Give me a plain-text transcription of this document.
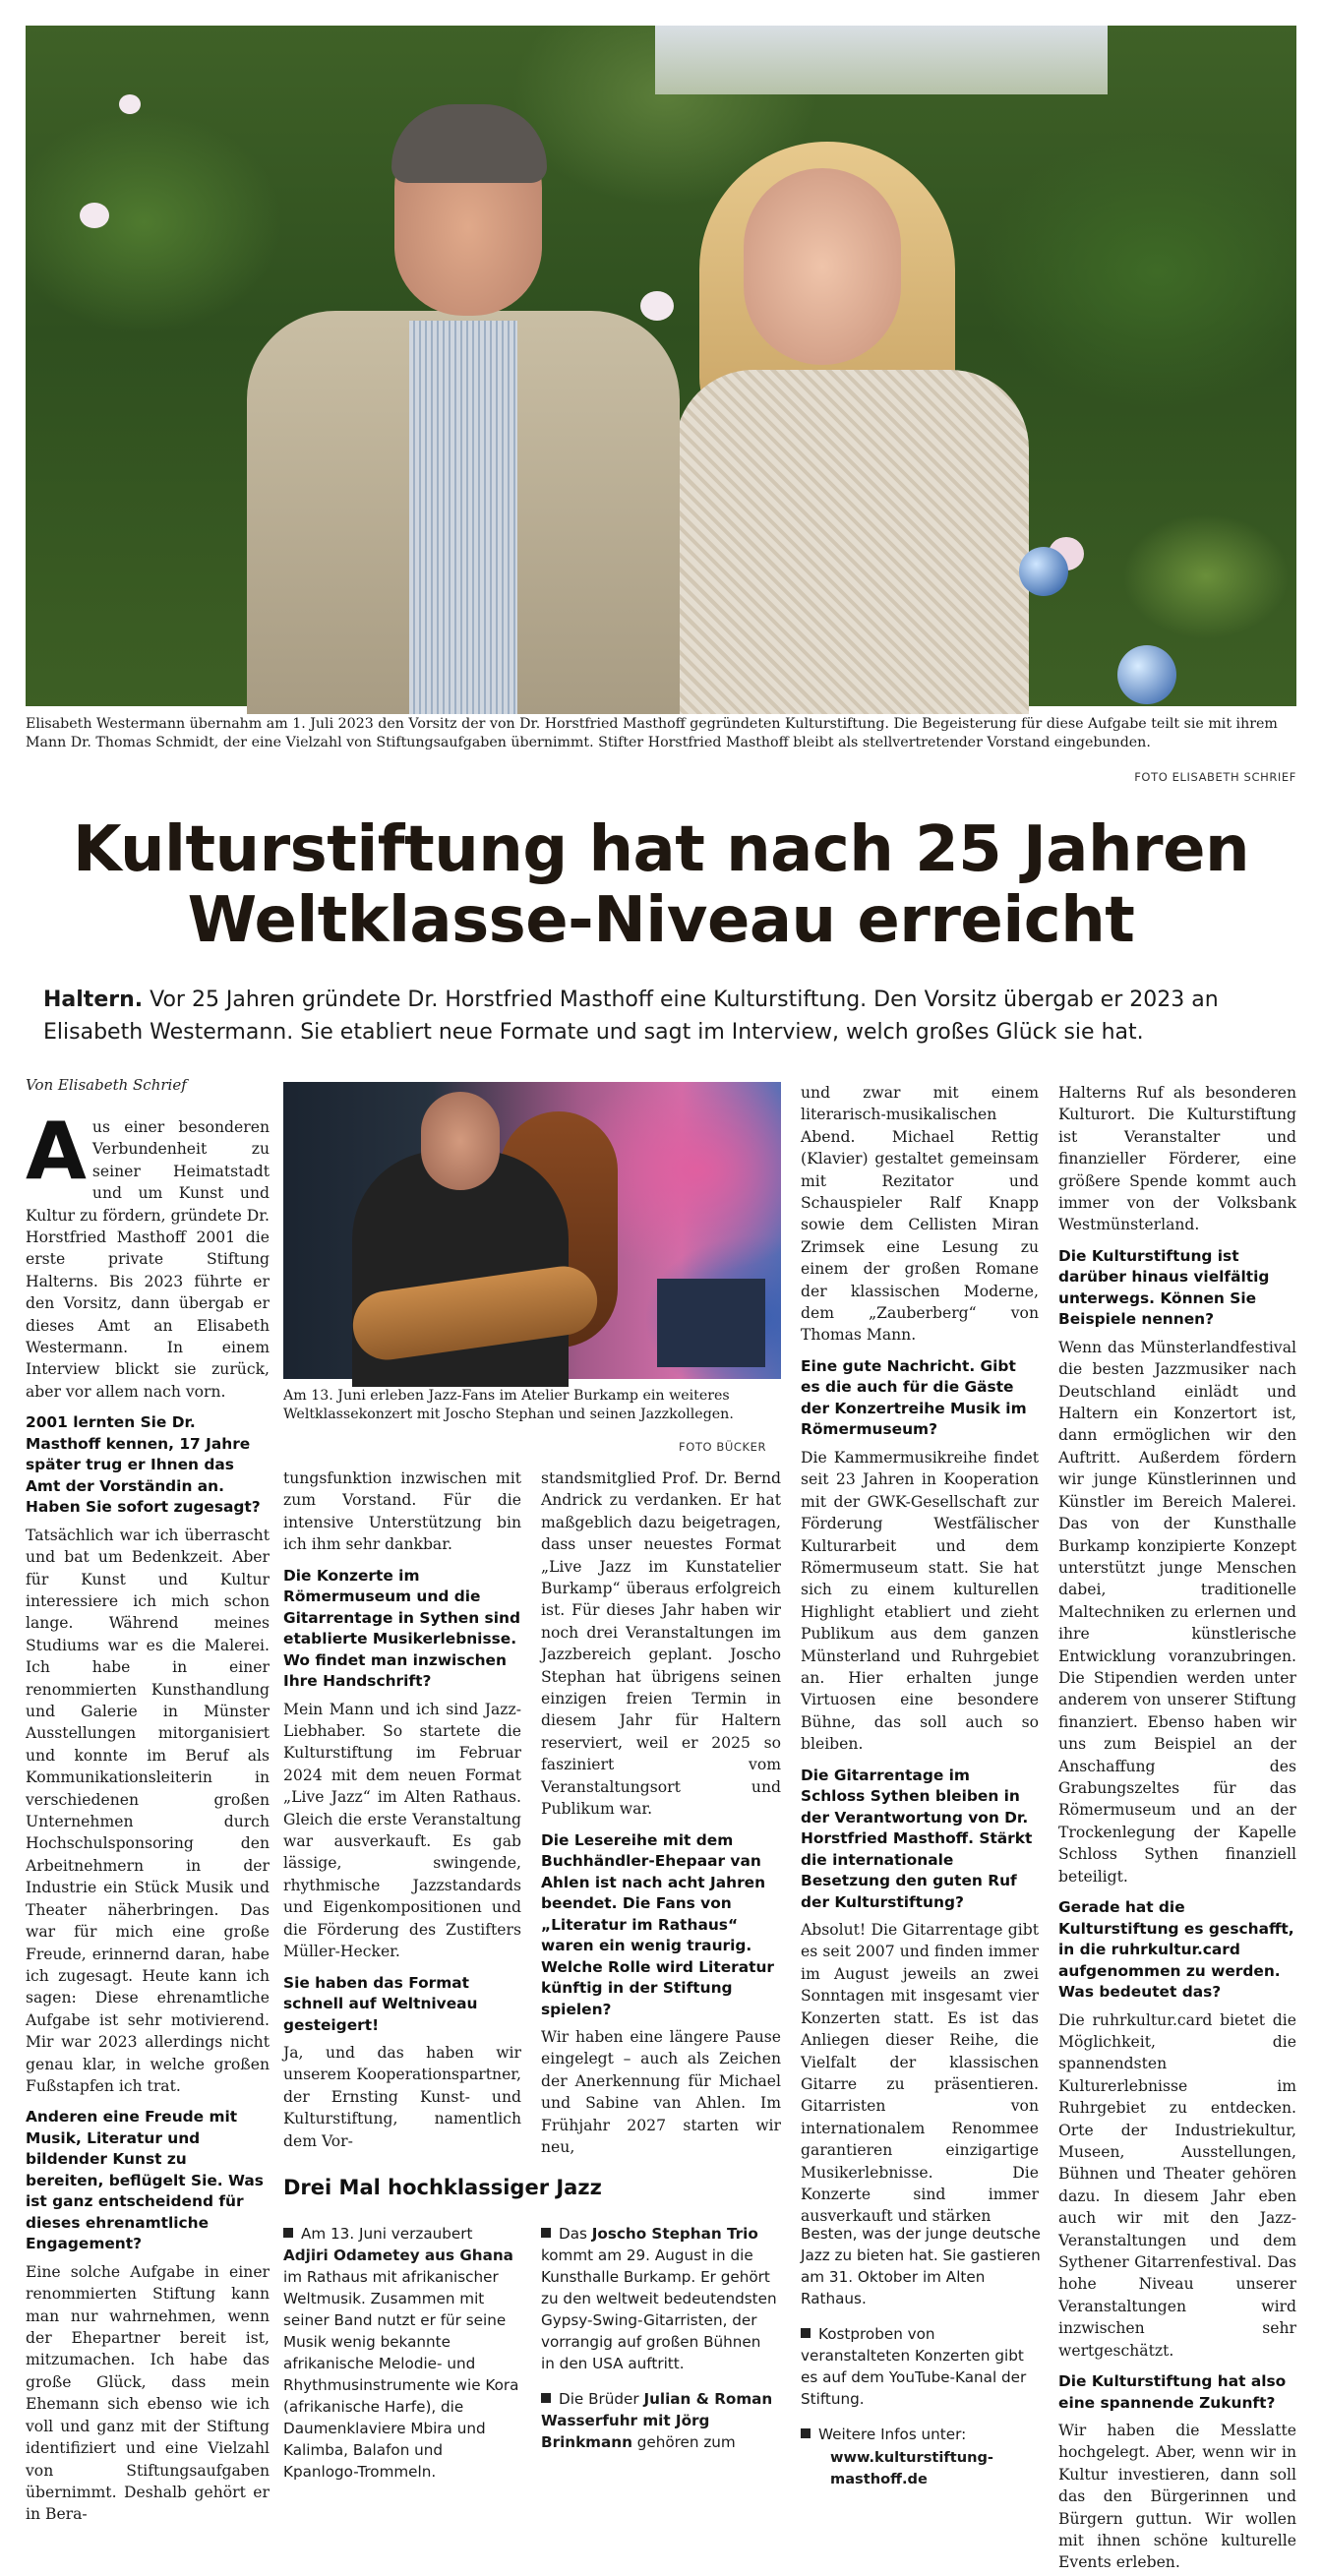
Elisabeth Westermann übernahm am 1. Juli 2023 den Vorsitz der von Dr. Horstfried Masthoff gegründeten Kulturstiftung. Die Begeisterung für diese Aufgabe teilt sie mit ihrem Mann Dr. Thomas Schmidt, der eine Vielzahl von Stiftungsaufgaben übernimmt. Stifter Horstfried Masthoff bleibt als stellvertretender Vorstand eingebunden.
FOTO ELISABETH SCHRIEF
Kulturstiftung hat nach 25 Jahren Weltklasse-Niveau erreicht
Haltern. Vor 25 Jahren gründete Dr. Horstfried Masthoff eine Kulturstiftung. Den Vorsitz übergab er 2023 an Elisabeth Westermann. Sie etabliert neue Formate und sagt im Interview, welch großes Glück sie hat.
Von Elisabeth Schrief

Aus einer besonderen Verbundenheit zu seiner Heimatstadt und um Kunst und Kultur zu fördern, gründete Dr. Horstfried Masthoff 2001 die erste private Stiftung Halterns. Bis 2023 führte er den Vorsitz, dann übergab er dieses Amt an Elisabeth Westermann. In einem Interview blickt sie zurück, aber vor allem nach vorn.

2001 lernten Sie Dr. Masthoff kennen, 17 Jahre später trug er Ihnen das Amt der Vorständin an. Haben Sie sofort zugesagt?

Tatsächlich war ich überrascht und bat um Bedenkzeit. Aber für Kunst und Kultur interessiere ich mich schon lange. Während meines Studiums war es die Malerei. Ich habe in einer renommierten Kunsthandlung und Galerie in Münster Ausstellungen mitorganisiert und konnte im Beruf als Kommunikationsleiterin in verschiedenen großen Unternehmen durch Hochschulsponsoring den Arbeitnehmern in der Industrie ein Stück Musik und Theater näherbringen. Das war für mich eine große Freude, erinnernd daran, habe ich zugesagt. Heute kann ich sagen: Diese ehrenamtliche Aufgabe ist sehr motivierend. Mir war 2023 allerdings nicht genau klar, in welche großen Fußstapfen ich trat.

Anderen eine Freude mit Musik, Literatur und bildender Kunst zu bereiten, beflügelt Sie. Was ist ganz entscheidend für dieses ehrenamtliche Engagement?

Eine solche Aufgabe in einer renommierten Stiftung kann man nur wahrnehmen, wenn der Ehepartner bereit ist, mitzumachen. Ich habe das große Glück, dass mein Ehemann sich ebenso wie ich voll und ganz mit der Stiftung identifiziert und eine Vielzahl von Stiftungsaufgaben übernimmt. Deshalb gehört er in Bera-

Am 13. Juni erleben Jazz-Fans im Atelier Burkamp ein weiteres Weltklassekonzert mit Joscho Stephan und seinen Jazzkollegen.
FOTO BÜCKER

tungsfunktion inzwischen mit zum Vorstand. Für die intensive Unterstützung bin ich ihm sehr dankbar.

Die Konzerte im Römermuseum und die Gitarrentage in Sythen sind etablierte Musikerlebnisse. Wo findet man inzwischen Ihre Handschrift?

Mein Mann und ich sind Jazz-Liebhaber. So startete die Kulturstiftung im Februar 2024 mit dem neuen Format „Live Jazz“ im Alten Rathaus. Gleich die erste Veranstaltung war ausverkauft. Es gab lässige, swingende, rhythmische Jazzstandards und Eigenkompositionen und die Förderung des Zustifters Müller-Hecker.

Sie haben das Format schnell auf Weltniveau gesteigert!

Ja, und das haben wir unserem Kooperationspartner, der Ernsting Kunst- und Kulturstiftung, namentlich dem Vor-

standsmitglied Prof. Dr. Bernd Andrick zu verdanken. Er hat maßgeblich dazu beigetragen, dass unser neuestes Format „Live Jazz im Kunstatelier Burkamp“ überaus erfolgreich ist. Für dieses Jahr haben wir noch drei Veranstaltungen im Jazzbereich geplant. Joscho Stephan hat übrigens seinen einzigen freien Termin in diesem Jahr für Haltern reserviert, weil er 2025 so fasziniert vom Veranstaltungsort und Publikum war.

Die Lesereihe mit dem Buchhändler-Ehepaar van Ahlen ist nach acht Jahren beendet. Die Fans von „Literatur im Rathaus“ waren ein wenig traurig. Welche Rolle wird Literatur künftig in der Stiftung spielen?

Wir haben eine längere Pause eingelegt – auch als Zeichen der Anerkennung für Michael und Sabine van Ahlen. Im Frühjahr 2027 starten wir neu,

und zwar mit einem literarisch-musikalischen Abend. Michael Rettig (Klavier) gestaltet gemeinsam mit Rezitator und Schauspieler Ralf Knapp sowie dem Cellisten Miran Zrimsek eine Lesung zu einem der großen Romane der klassischen Moderne, dem „Zauberberg“ von Thomas Mann.

Eine gute Nachricht. Gibt es die auch für die Gäste der Konzertreihe Musik im Römermuseum?

Die Kammermusikreihe findet seit 23 Jahren in Kooperation mit der GWK-Gesellschaft zur Förderung Westfälischer Kulturarbeit und dem Römermuseum statt. Sie hat sich zu einem kulturellen Highlight etabliert und zieht Publikum aus dem ganzen Münsterland und Ruhrgebiet an. Hier erhalten junge Virtuosen eine besondere Bühne, das soll auch so bleiben.

Die Gitarrentage im Schloss Sythen bleiben in der Verantwortung von Dr. Horstfried Masthoff. Stärkt die internationale Besetzung den guten Ruf der Kulturstiftung?

Absolut! Die Gitarrentage gibt es seit 2007 und finden immer im August jeweils an zwei Sonntagen mit insgesamt vier Konzerten statt. Es ist das Anliegen dieser Reihe, die Vielfalt der klassischen Gitarre zu präsentieren. Gitarristen von internationalem Renommee garantieren einzigartige Musikerlebnisse. Die Konzerte sind immer ausverkauft und stärken

Halterns Ruf als besonderen Kulturort. Die Kulturstiftung ist Veranstalter und finanzieller Förderer, eine größere Spende kommt auch immer von der Volksbank Westmünsterland.

Die Kulturstiftung ist darüber hinaus vielfältig unterwegs. Können Sie Beispiele nennen?

Wenn das Münsterlandfestival die besten Jazzmusiker nach Deutschland einlädt und Haltern ein Konzertort ist, dann ermöglichen wir den Auftritt. Außerdem fördern wir junge Künstlerinnen und Künstler im Bereich Malerei. Das von der Kunsthalle Burkamp konzipierte Konzept unterstützt junge Menschen dabei, traditionelle Maltechniken zu erlernen und ihre künstlerische Entwicklung voranzubringen. Die Stipendien werden unter anderem von unserer Stiftung finanziert. Ebenso haben wir uns zum Beispiel an der Anschaffung des Grabungszeltes für das Römermuseum und an der Trockenlegung der Kapelle Schloss Sythen finanziell beteiligt.

Gerade hat die Kulturstiftung es geschafft, in die ruhrkultur.card aufgenommen zu werden. Was bedeutet das?

Die ruhrkultur.card bietet die Möglichkeit, die spannendsten Kulturerlebnisse im Ruhrgebiet zu entdecken. Orte der Industriekultur, Museen, Ausstellungen, Bühnen und Theater gehören dazu. In diesem Jahr eben auch wir mit den Jazz-Veranstaltungen und dem Sythener Gitarrenfestival. Das hohe Niveau unserer Veranstaltungen wird inzwischen sehr wertgeschätzt.

Die Kulturstiftung hat also eine spannende Zukunft?

Wir haben die Messlatte hochgelegt. Aber, wenn wir in Kultur investieren, dann soll das den Bürgerinnen und Bürgern guttun. Wir wollen mit ihnen schöne kulturelle Events erleben.

Drei Mal hochklassiger Jazz

Am 13. Juni verzaubert Adjiri Odametey aus Ghana im Rathaus mit afrikanischer Weltmusik. Zusammen mit seiner Band nutzt er für seine Musik wenig bekannte afrikanische Melodie- und Rhythmusinstrumente wie Kora (afrikanische Harfe), die Daumenklaviere Mbira und Kalimba, Balafon und Kpanlogo-Trommeln.

Das Joscho Stephan Trio kommt am 29. August in die Kunsthalle Burkamp. Er gehört zu den weltweit bedeutendsten Gypsy-Swing-Gitarristen, der vorrangig auf großen Bühnen in den USA auftritt.

Die Brüder Julian & Roman Wasserfuhr mit Jörg Brinkmann gehören zum

Besten, was der junge deutsche Jazz zu bieten hat. Sie gastieren am 31. Oktober im Alten Rathaus.

Kostproben von veranstalteten Konzerten gibt es auf dem YouTube-Kanal der Stiftung.

Weitere Infos unter:

www.kulturstiftung-masthoff.de
